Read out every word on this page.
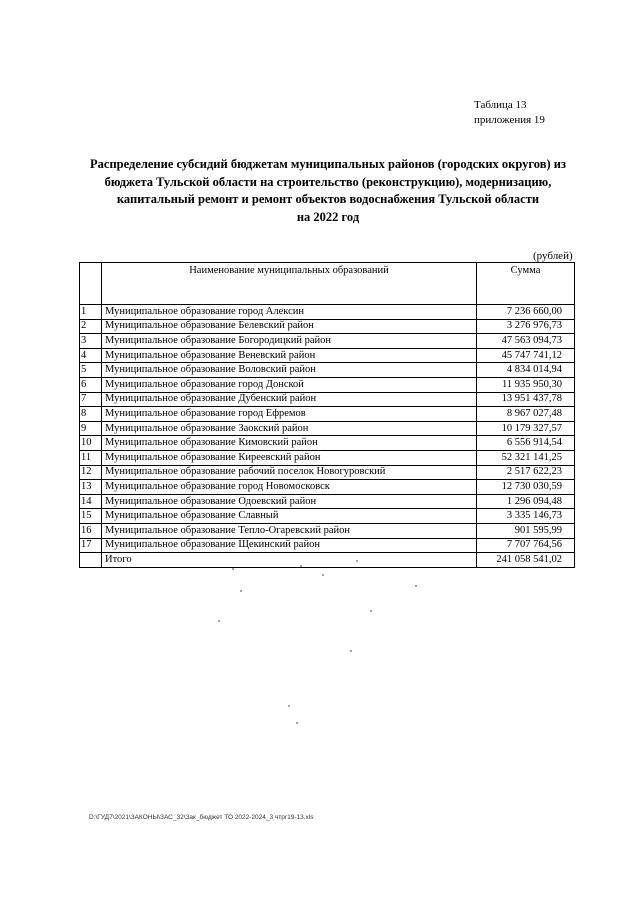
Таблица 13
приложения 19
Распределение субсидий бюджетам муниципальных районов (городских округов) из
бюджета Тульской области на строительство (реконструкцию), модернизацию,
капитальный ремонт и ремонт объектов водоснабжения Тульской области
на 2022 год
(рублей)
	Наименование муниципальных образований	Сумма
1	Муниципальное образование город Алексин	7 236 660,00
2	Муниципальное образование Белевский район	3 276 976,73
3	Муниципальное образование Богородицкий район	47 563 094,73
4	Муниципальное образование Веневский район	45 747 741,12
5	Муниципальное образование Воловский район	4 834 014,94
6	Муниципальное образование город Донской	11 935 950,30
7	Муниципальное образование Дубенский район	13 951 437,78
8	Муниципальное образование город Ефремов	8 967 027,48
9	Муниципальное образование Заокский район	10 179 327,57
10	Муниципальное образование Кимовский район	6 556 914,54
11	Муниципальное образование Киреевский район	52 321 141,25
12	Муниципальное образование рабочий поселок Новогуровский	2 517 622,23
13	Муниципальное образование город Новомосковск	12 730 030,59
14	Муниципальное образование Одоевский район	1 296 094,48
15	Муниципальное образование Славный	3 335 146,73
16	Муниципальное образование Тепло-Огаревский район	901 595,99
17	Муниципальное образование Щекинский район	7 707 764,56
	Итого	241 058 541,02
D:\ГУД7\2021\ЗАКОНЫ\ЗАС_32\Зак_бюджет ТО 2022-2024_3 чтpr19-13.xls
